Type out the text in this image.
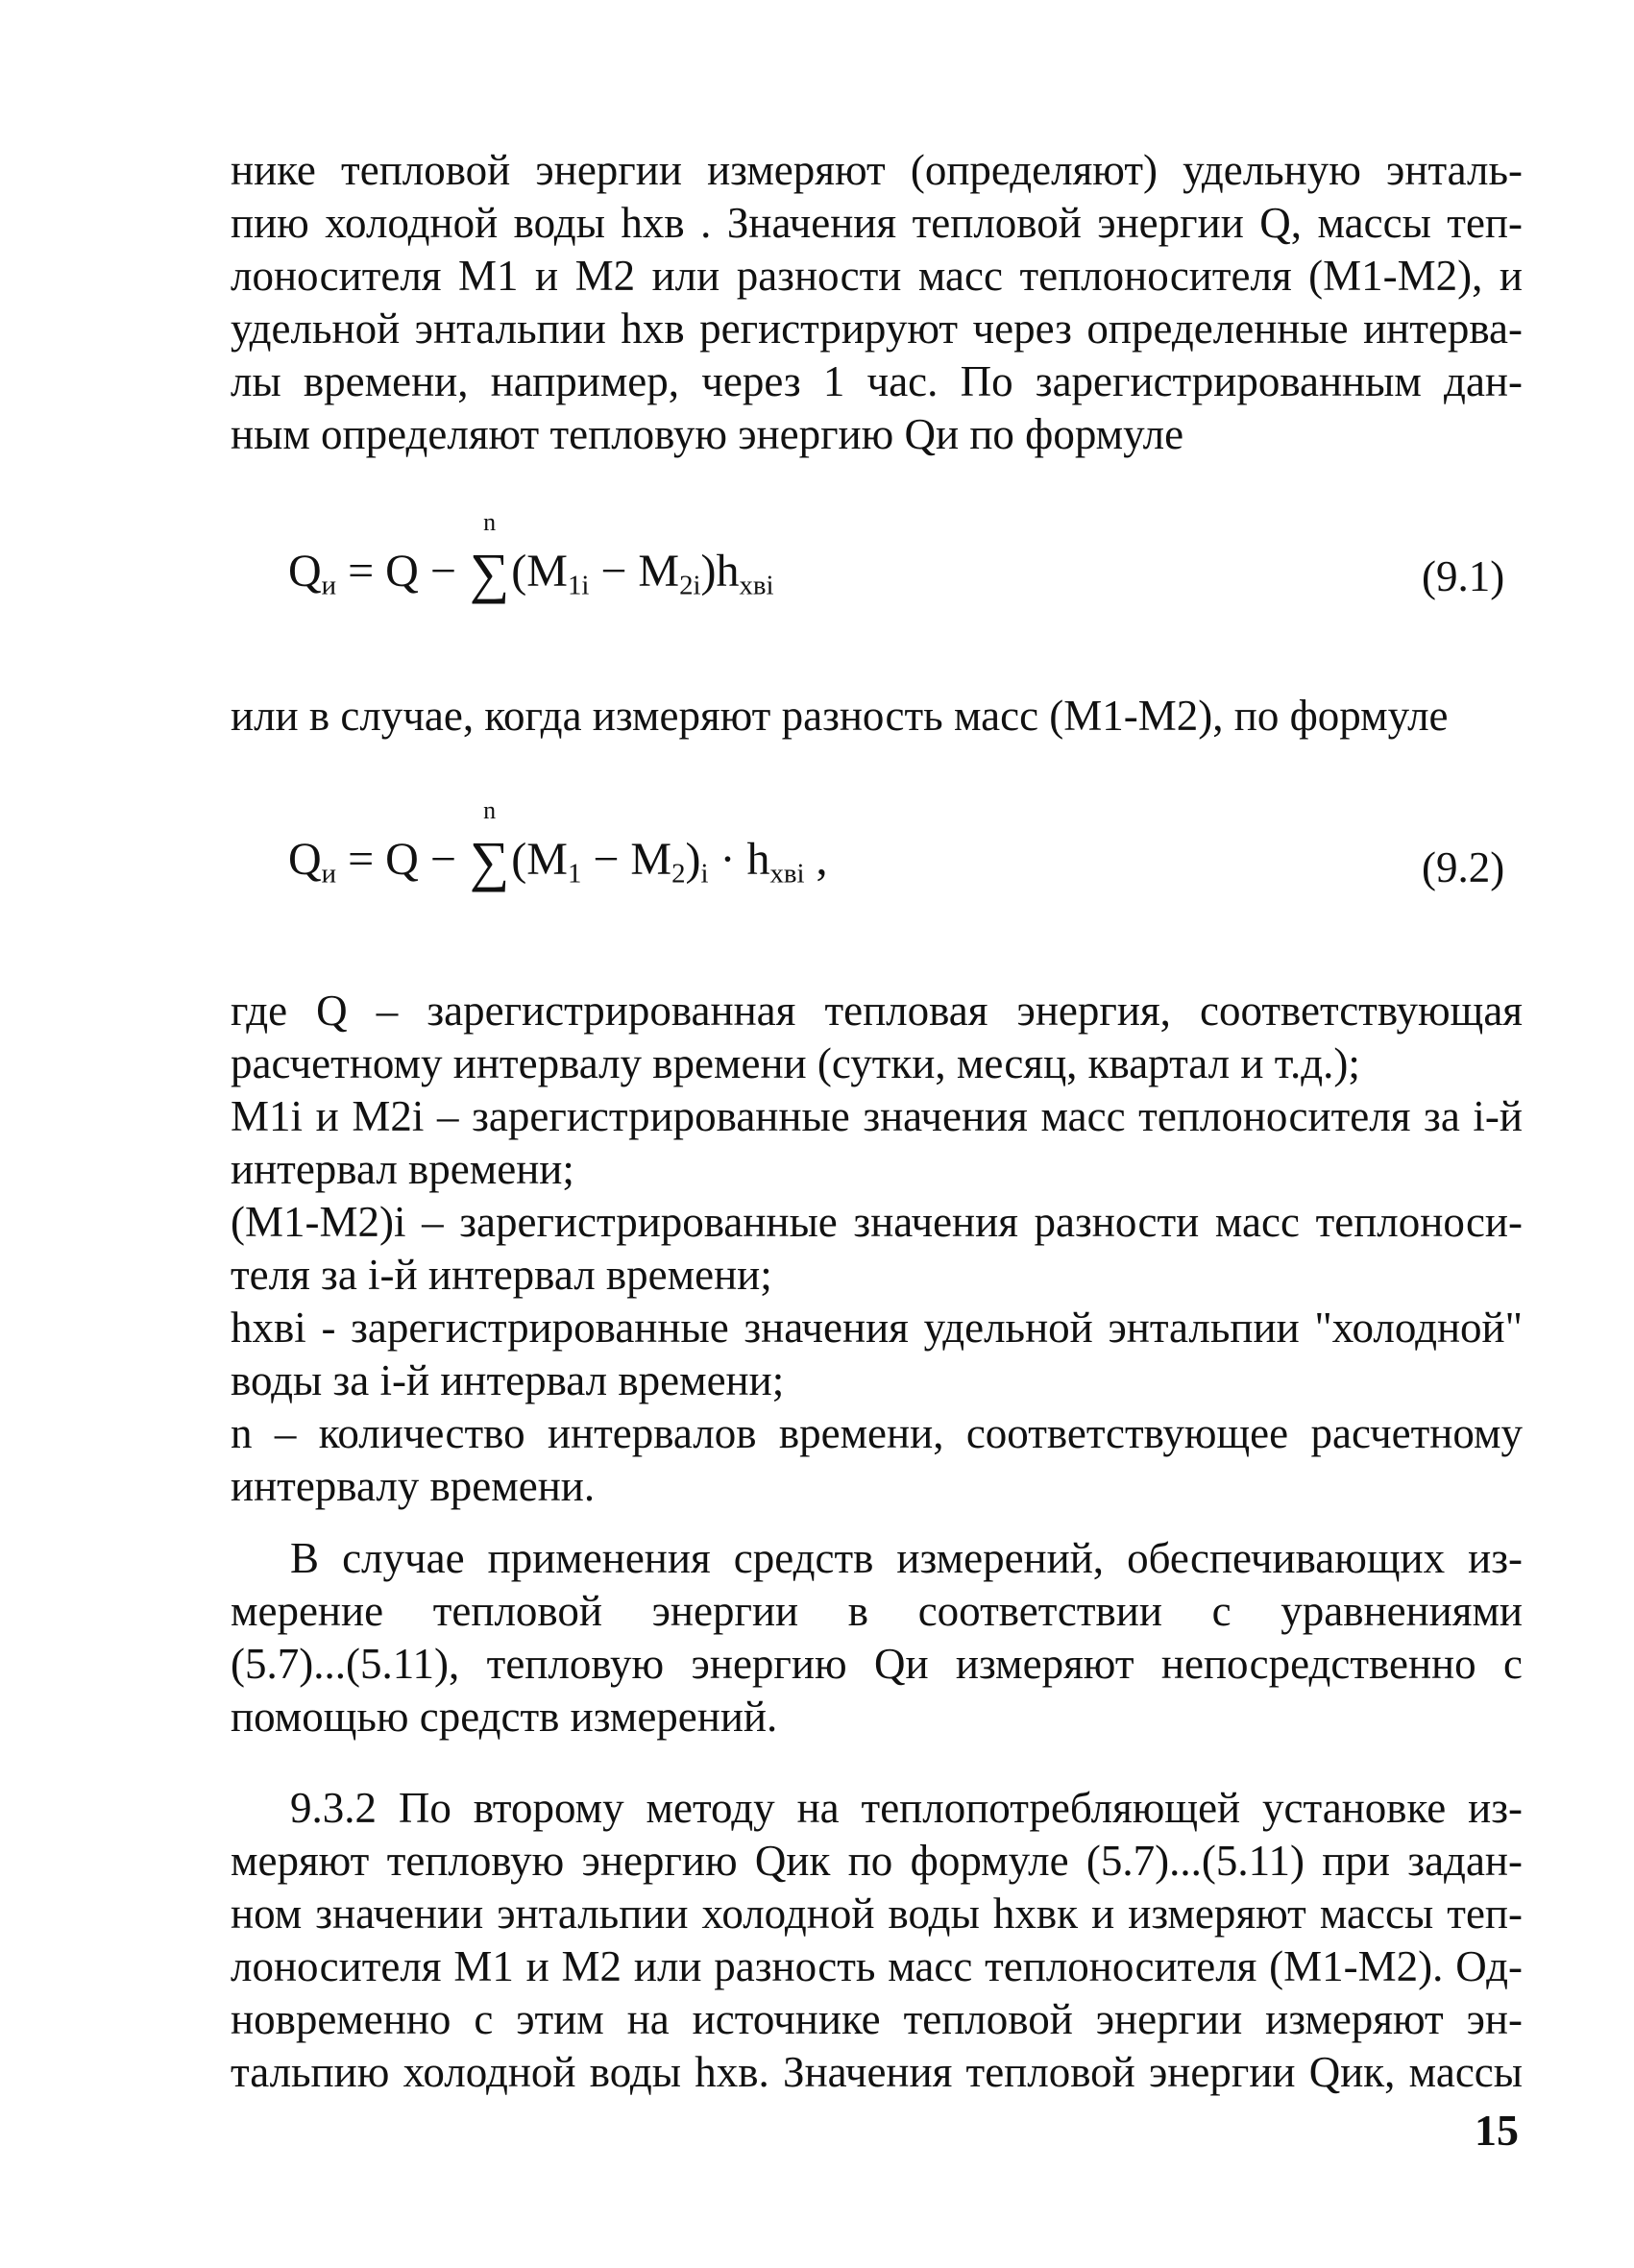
нике тепловой энергии измеряют (определяют) удельную энталь-
пию холодной воды hхв . Значения тепловой энергии Q, массы теп-
лоносителя М1 и М2 или разности масс теплоносителя (М1-М2), и
удельной энтальпии hхв регистрируют через определенные интерва-
лы времени, например, через 1 час. По зарегистрированным дан-
ным определяют тепловую энергию Qи по формуле
$Q_и = Q$ −
n
$\sum(M_{1i} - M_{2i})h_{хвi}$	(9.1)
или в случае, когда измеряют разность масс (М1-М2), по формуле
$Q_и = Q$ −
n
$\sum(M_1 - M_2)_i \cdot h_{хвi}$ ,	(9.2)
где Q – зарегистрированная тепловая энергия, соответствующая
расчетному интервалу времени (сутки, месяц, квартал и т.д.);
М1i и М2i – зарегистрированные значения масс теплоносителя за i-й
интервал времени;
(М1-М2)i – зарегистрированные значения разности масс теплоноси-
теля за i-й интервал времени;
hхвi - зарегистрированные значения удельной энтальпии "холодной"
воды за i-й интервал времени;
n – количество интервалов времени, соответствующее расчетному
интервалу времени.
В случае применения средств измерений, обеспечивающих из-
мерение тепловой энергии в соответствии с уравнениями
(5.7)...(5.11), тепловую энергию Qи измеряют непосредственно с
помощью средств измерений.
9.3.2 По второму методу на теплопотребляющей установке из-
меряют тепловую энергию Qик по формуле (5.7)...(5.11) при задан-
ном значении энтальпии холодной воды hхвк и измеряют массы теп-
лоносителя М1 и М2 или разность масс теплоносителя (М1-М2). Од-
новременно с этим на источнике тепловой энергии измеряют эн-
тальпию холодной воды hхв. Значения тепловой энергии Qик, массы
15
